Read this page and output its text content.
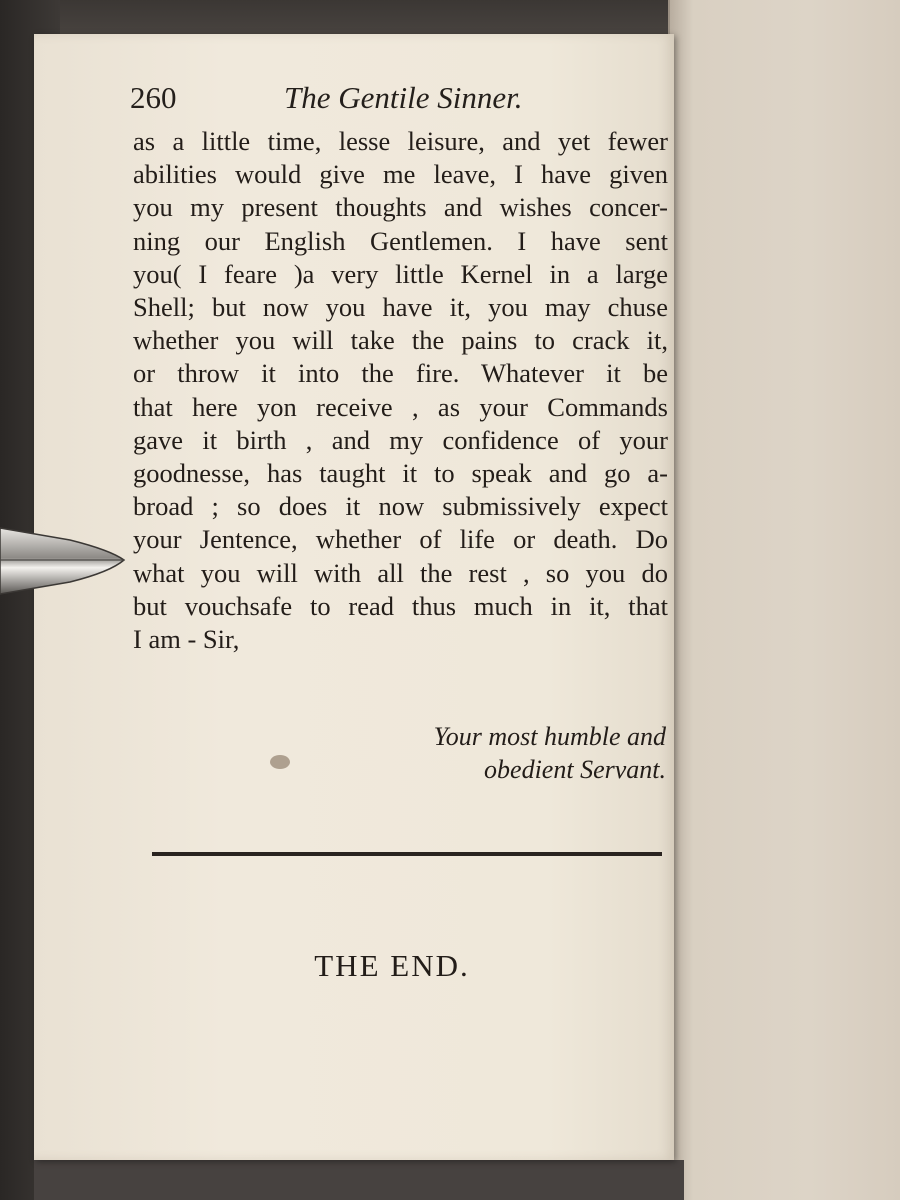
260	The Gentile Sinner.
as a little time, lesse leisure, and yet fewer
abilities would give me leave, I have given
you my present thoughts and wishes concer-
ning our English Gentlemen. I have sent
you( I feare )a very little Kernel in a large
Shell; but now you have it, you may chuse
whether you will take the pains to crack it,
or throw it into the fire. Whatever it be
that here yon receive , as your Commands
gave it birth , and my confidence of your
goodnesse, has taught it to speak and go a-
broad ; so does it now submissively expect
your Jentence, whether of life or death. Do
what you will with all the rest , so you do
but vouchsafe to read thus much in it, that
I am - Sir,
Your most humble and
obedient Servant.
THE END.
